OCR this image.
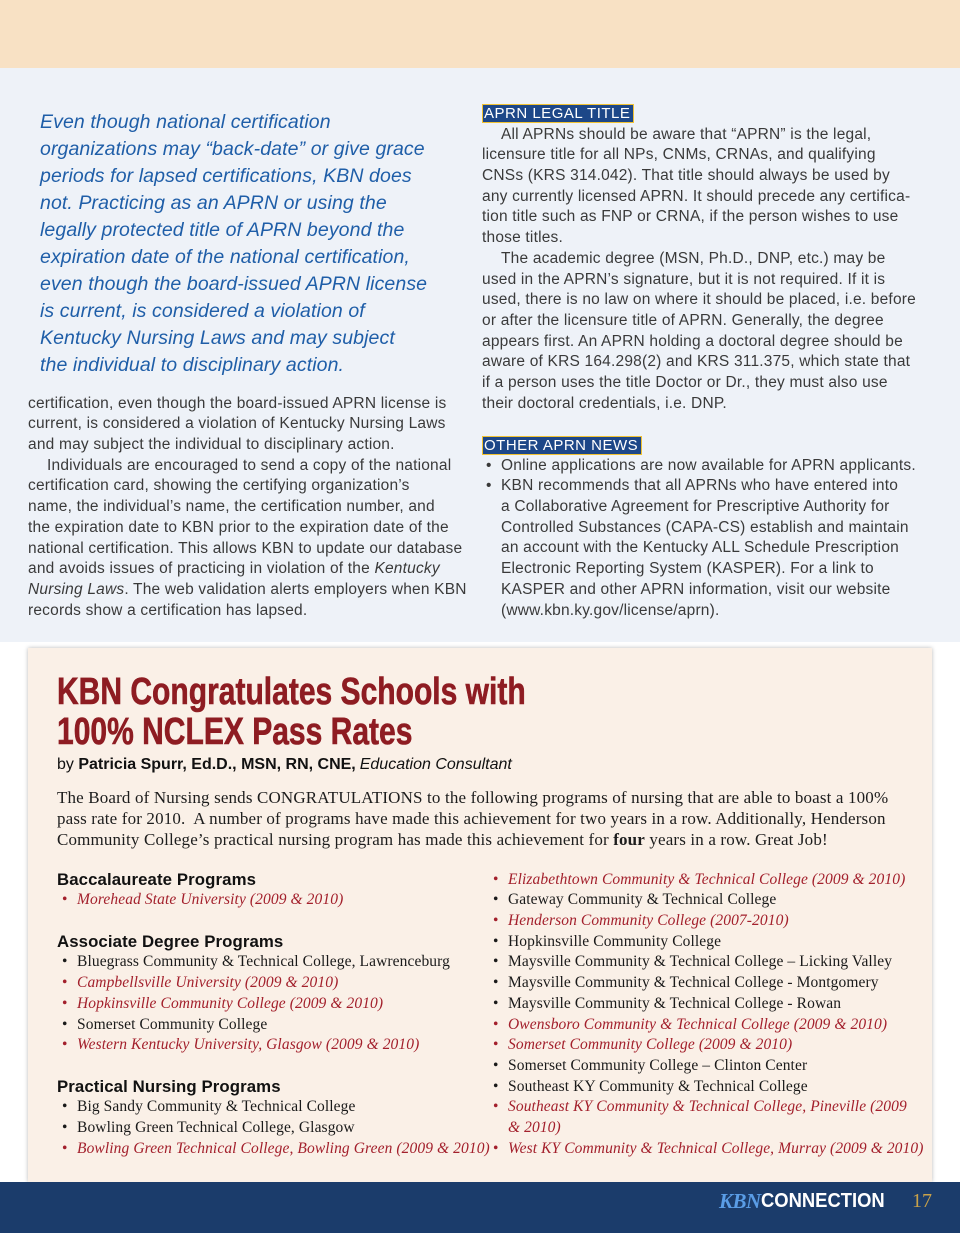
Even though national certification
organizations may “back-date” or give grace
periods for lapsed certifications, KBN does
not. Practicing as an APRN or using the
legally protected title of APRN beyond the
expiration date of the national certification,
even though the board-issued APRN license
is current, is considered a violation of
Kentucky Nursing Laws and may subject
the individual to disciplinary action.
certification, even though the board-issued APRN license is
current, is considered a violation of Kentucky Nursing Laws
and may subject the individual to disciplinary action.
Individuals are encouraged to send a copy of the national
certification card, showing the certifying organization’s
name, the individual’s name, the certification number, and
the expiration date to KBN prior to the expiration date of the
national certification. This allows KBN to update our database
and avoids issues of practicing in violation of the Kentucky
Nursing Laws. The web validation alerts employers when KBN
records show a certification has lapsed.
APRN LEGAL TITLE
All APRNs should be aware that “APRN” is the legal,
licensure title for all NPs, CNMs, CRNAs, and qualifying
CNSs (KRS 314.042). That title should always be used by
any currently licensed APRN. It should precede any certifica-
tion title such as FNP or CRNA, if the person wishes to use
those titles.
The academic degree (MSN, Ph.D., DNP, etc.) may be
used in the APRN’s signature, but it is not required. If it is
used, there is no law on where it should be placed, i.e. before
or after the licensure title of APRN. Generally, the degree
appears first. An APRN holding a doctoral degree should be
aware of KRS 164.298(2) and KRS 311.375, which state that
if a person uses the title Doctor or Dr., they must also use
their doctoral credentials, i.e. DNP.
OTHER APRN NEWS
•
Online applications are now available for APRN applicants.
•
KBN recommends that all APRNs who have entered into
a Collaborative Agreement for Prescriptive Authority for
Controlled Substances (CAPA-CS) establish and maintain
an account with the Kentucky ALL Schedule Prescription
Electronic Reporting System (KASPER). For a link to
KASPER and other APRN information, visit our website
(www.kbn.ky.gov/license/aprn).
KBN Congratulates Schools with
100% NCLEX Pass Rates
by Patricia Spurr, Ed.D., MSN, RN, CNE, Education Consultant
The Board of Nursing sends CONGRATULATIONS to the following programs of nursing that are able to boast a 100%
pass rate for 2010.  A number of programs have made this achievement for two years in a row. Additionally, Henderson
Community College’s practical nursing program has made this achievement for four years in a row. Great Job!
Baccalaureate Programs
•
Morehead State University (2009 & 2010)
Associate Degree Programs
•
Bluegrass Community & Technical College, Lawrenceburg
•
Campbellsville University (2009 & 2010)
•
Hopkinsville Community College (2009 & 2010)
•
Somerset Community College
•
Western Kentucky University, Glasgow (2009 & 2010)
Practical Nursing Programs
•
Big Sandy Community & Technical College
•
Bowling Green Technical College, Glasgow
•
Bowling Green Technical College, Bowling Green (2009 & 2010)
•
Elizabethtown Community & Technical College (2009 & 2010)
•
Gateway Community & Technical College
•
Henderson Community College (2007-2010)
•
Hopkinsville Community College
•
Maysville Community & Technical College – Licking Valley
•
Maysville Community & Technical College - Montgomery
•
Maysville Community & Technical College - Rowan
•
Owensboro Community & Technical College (2009 & 2010)
•
Somerset Community College (2009 & 2010)
•
Somerset Community College – Clinton Center
•
Southeast KY Community & Technical College
•
Southeast KY Community & Technical College, Pineville (2009
& 2010)
•
West KY Community & Technical College, Murray (2009 & 2010)
KBNCONNECTION	17
